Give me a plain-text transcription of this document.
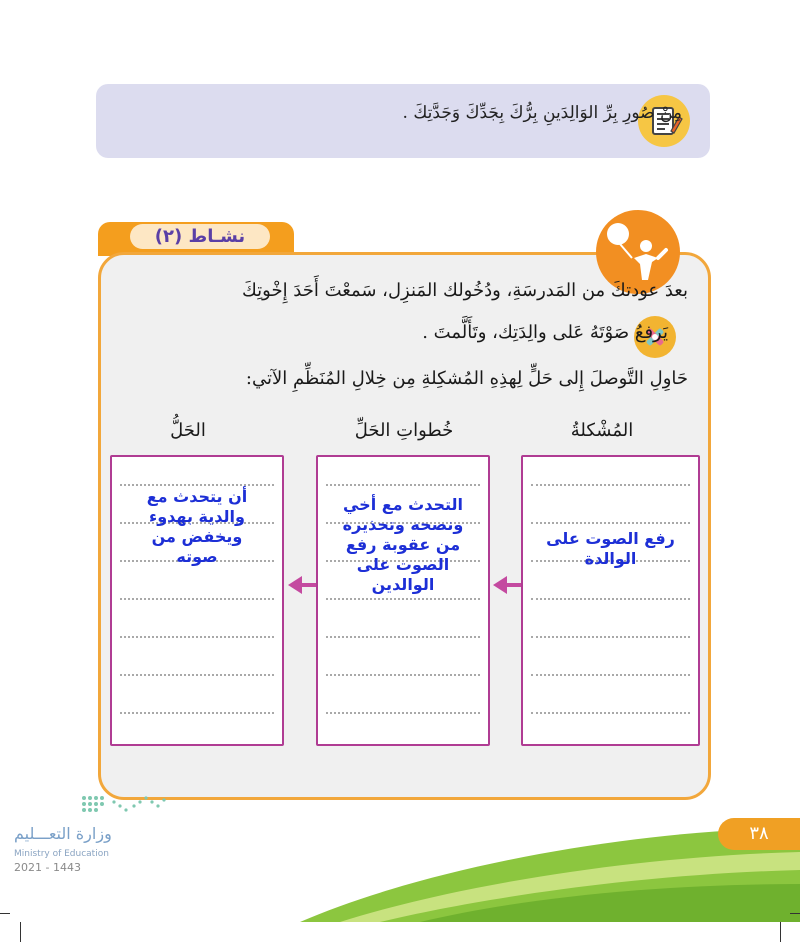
مِنْ صُورِ بِرِّ الوَالِدَينِ بِرُّكَ بِجَدِّكَ وَجَدَّتِكَ .
نشـاط (٢)
بعدَ عودتكَ من المَدرسَةِ، ودُخُولك المَنزِل، سَمعْتَ أَحَدَ إِخْوتِكَ
يَرفعُ صَوْتَهُ عَلى والِدَتِك، وتَأَلَّمتَ .
حَاوِلِ التَّوصلَ إِلى حَلٍّ لِهذِهِ المُشكِلةِ مِن خِلالِ المُنَظِّمِ الآتي:
المُشْكلةُ
خُطواتِ الحَلِّ
الحَلُّ
رفع الصوت على الوالدة
التحدث مع أخي ونصحه وتحذيره من عقوبة رفع الصوت على الوالدين
أن يتحدث مع والدية بهدوء ويخفض من صوته
٣٨
وزارة التعـــليم
Ministry of Education
2021 - 1443
